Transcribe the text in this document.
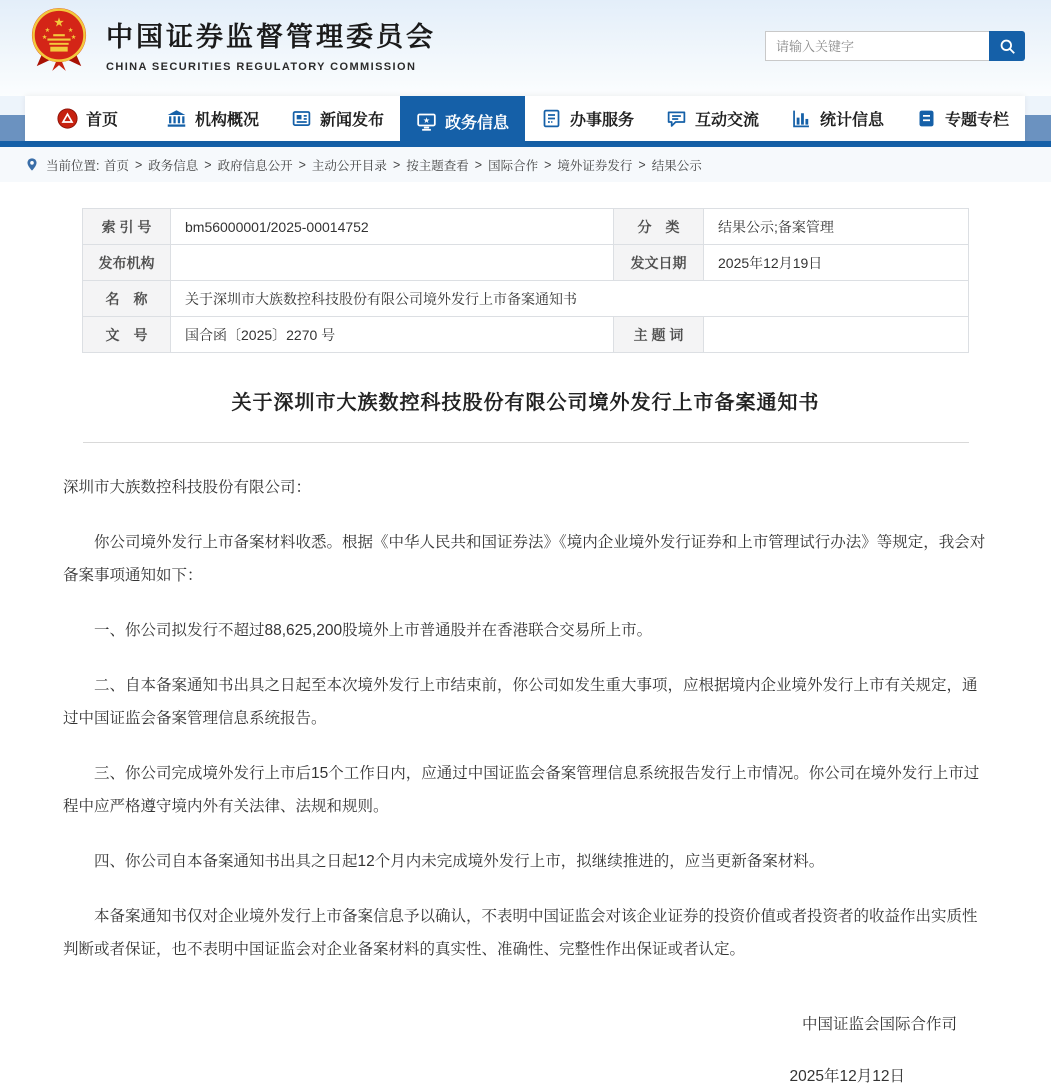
★
★	★
★	★ 中国证券监督管理委员会
CHINA SECURITIES REGULATORY COMMISSION
请输入关键字
首页	机构概况	新闻发布	★ 政务信息	办事服务	互动交流	统计信息	专题专栏
当前位置:
首页 > 政务信息 > 政府信息公开 > 主动公开目录 > 按主题查看 > 国际合作 > 境外证券发行 > 结果公示
索 引 号	bm56000001/2025-00014752	分　类	结果公示;备案管理
发布机构		发文日期	2025年12月19日
名　称	关于深圳市大族数控科技股份有限公司境外发行上市备案通知书		
文　号	国合函〔2025〕2270 号	主 题 词	
关于深圳市大族数控科技股份有限公司境外发行上市备案通知书

深圳市大族数控科技股份有限公司：

你公司境外发行上市备案材料收悉。根据《中华人民共和国证券法》《境内企业境外发行证券和上市管理试行办法》等规定，我会对备案事项通知如下：

一、你公司拟发行不超过88,625,200股境外上市普通股并在香港联合交易所上市。

二、自本备案通知书出具之日起至本次境外发行上市结束前，你公司如发生重大事项，应根据境内企业境外发行上市有关规定，通过中国证监会备案管理信息系统报告。

三、你公司完成境外发行上市后15个工作日内，应通过中国证监会备案管理信息系统报告发行上市情况。你公司在境外发行上市过程中应严格遵守境内外有关法律、法规和规则。

四、你公司自本备案通知书出具之日起12个月内未完成境外发行上市，拟继续推进的，应当更新备案材料。

本备案通知书仅对企业境外发行上市备案信息予以确认，不表明中国证监会对该企业证券的投资价值或者投资者的收益作出实质性判断或者保证，也不表明中国证监会对企业备案材料的真实性、准确性、完整性作出保证或者认定。

中国证监会国际合作司
2025年12月12日
